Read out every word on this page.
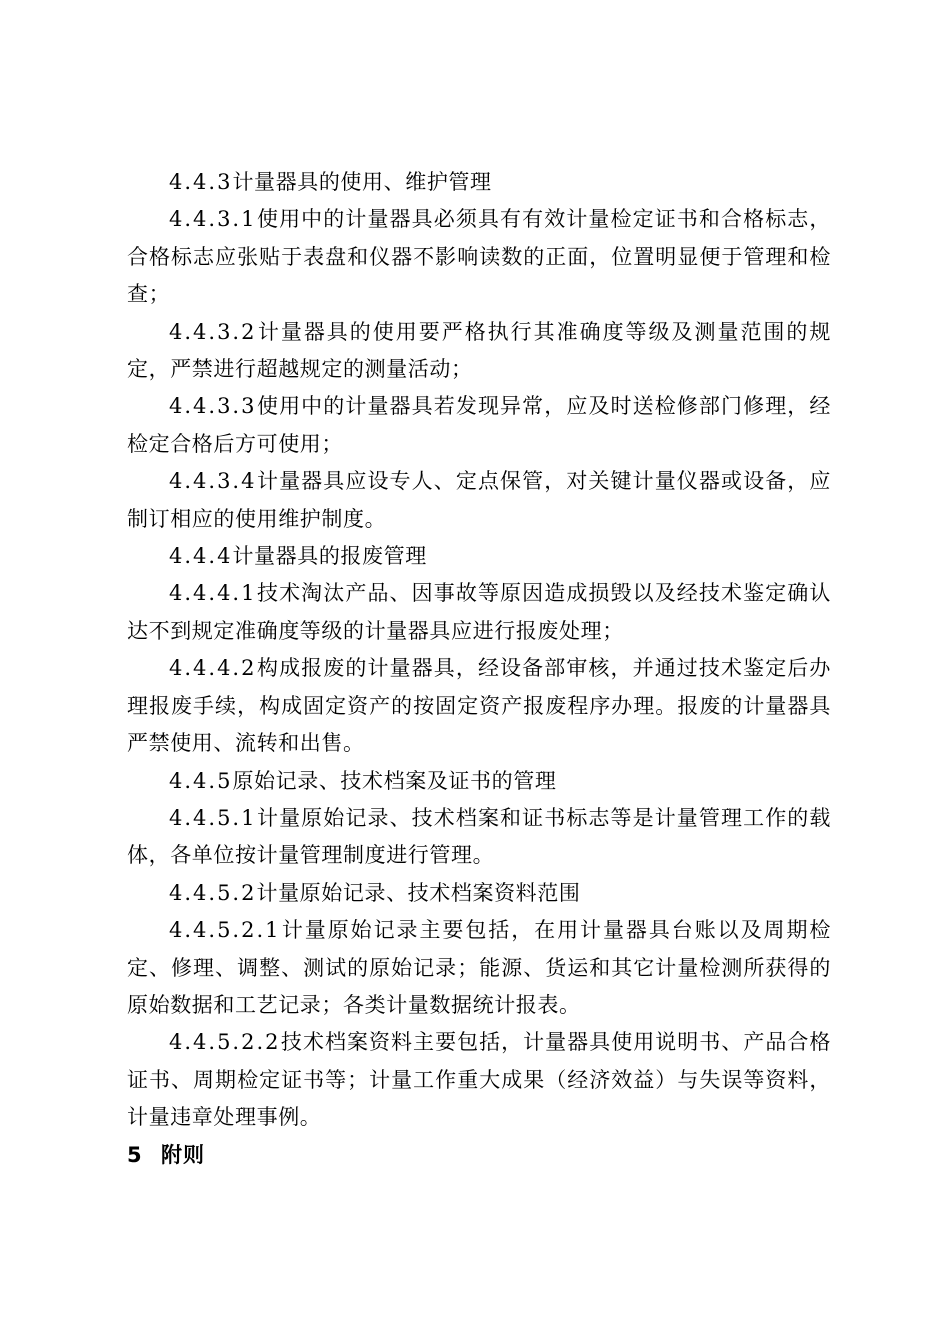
4.4.3计量器具的使用、维护管理

4.4.3.1使用中的计量器具必须具有有效计量检定证书和合格标志，合格标志应张贴于表盘和仪器不影响读数的正面，位置明显便于管理和检查；

4.4.3.2计量器具的使用要严格执行其准确度等级及测量范围的规定，严禁进行超越规定的测量活动；

4.4.3.3使用中的计量器具若发现异常，应及时送检修部门修理，经检定合格后方可使用；

4.4.3.4计量器具应设专人、定点保管，对关键计量仪器或设备，应制订相应的使用维护制度。

4.4.4计量器具的报废管理

4.4.4.1技术淘汰产品、因事故等原因造成损毁以及经技术鉴定确认达不到规定准确度等级的计量器具应进行报废处理；

4.4.4.2构成报废的计量器具，经设备部审核，并通过技术鉴定后办理报废手续，构成固定资产的按固定资产报废程序办理。报废的计量器具严禁使用、流转和出售。

4.4.5原始记录、技术档案及证书的管理

4.4.5.1计量原始记录、技术档案和证书标志等是计量管理工作的载体，各单位按计量管理制度进行管理。

4.4.5.2计量原始记录、技术档案资料范围

4.4.5.2.1计量原始记录主要包括，在用计量器具台账以及周期检定、修理、调整、测试的原始记录；能源、货运和其它计量检测所获得的原始数据和工艺记录；各类计量数据统计报表。

4.4.5.2.2技术档案资料主要包括，计量器具使用说明书、产品合格证书、周期检定证书等；计量工作重大成果（经济效益）与失误等资料，计量违章处理事例。

5 附则
